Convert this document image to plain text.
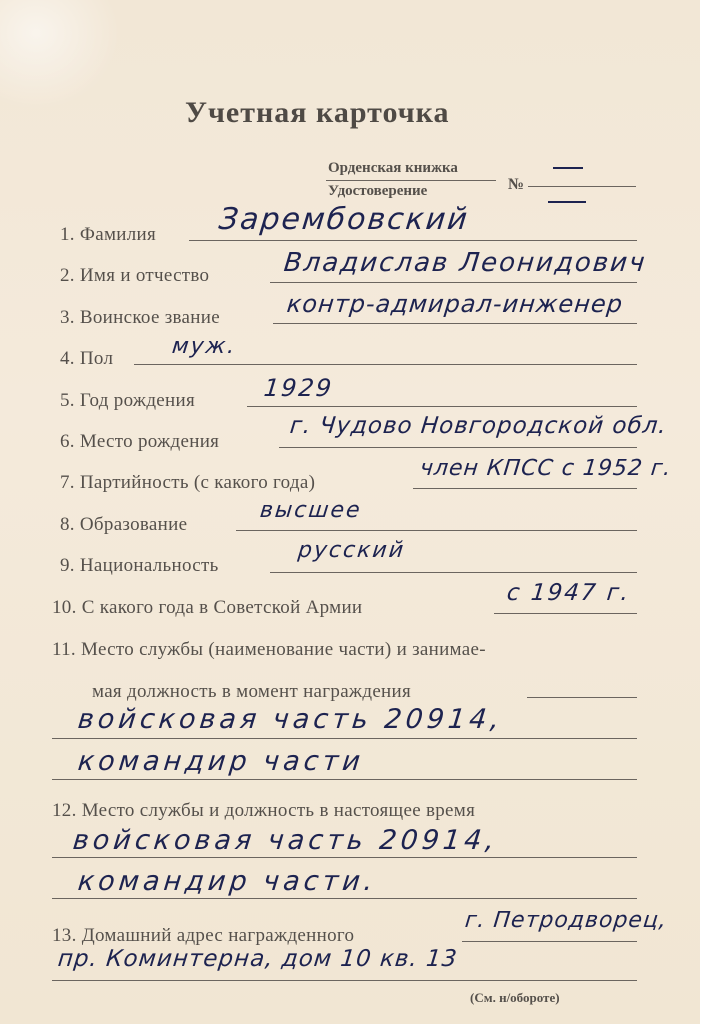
Учетная карточка
Орденская книжка
Удостоверение	№
1. Фамилия Зарембовский
2. Имя и отчество	Владислав Леонидович
3. Воинское звание	контр-адмирал-инженер
4. Пол	муж.
5. Год рождения	1929
6. Место рождения
г. Чудово Новгородской обл.
7. Партийность (с какого года)
член КПСС с 1952 г.
8. Образование
высшее
9. Национальность
русский
10. С какого года в Советской Армии
с 1947 г.
11. Место службы (наименование части) и занимае-
мая должность в момент награждения
войсковая часть 20914,
командир части
12. Место службы и должность в настоящее время
войсковая часть 20914,
командир части.
13. Домашний адрес награжденного
г. Петродворец,
пр. Коминтерна, дом 10 кв. 13
(См. н/обороте)
